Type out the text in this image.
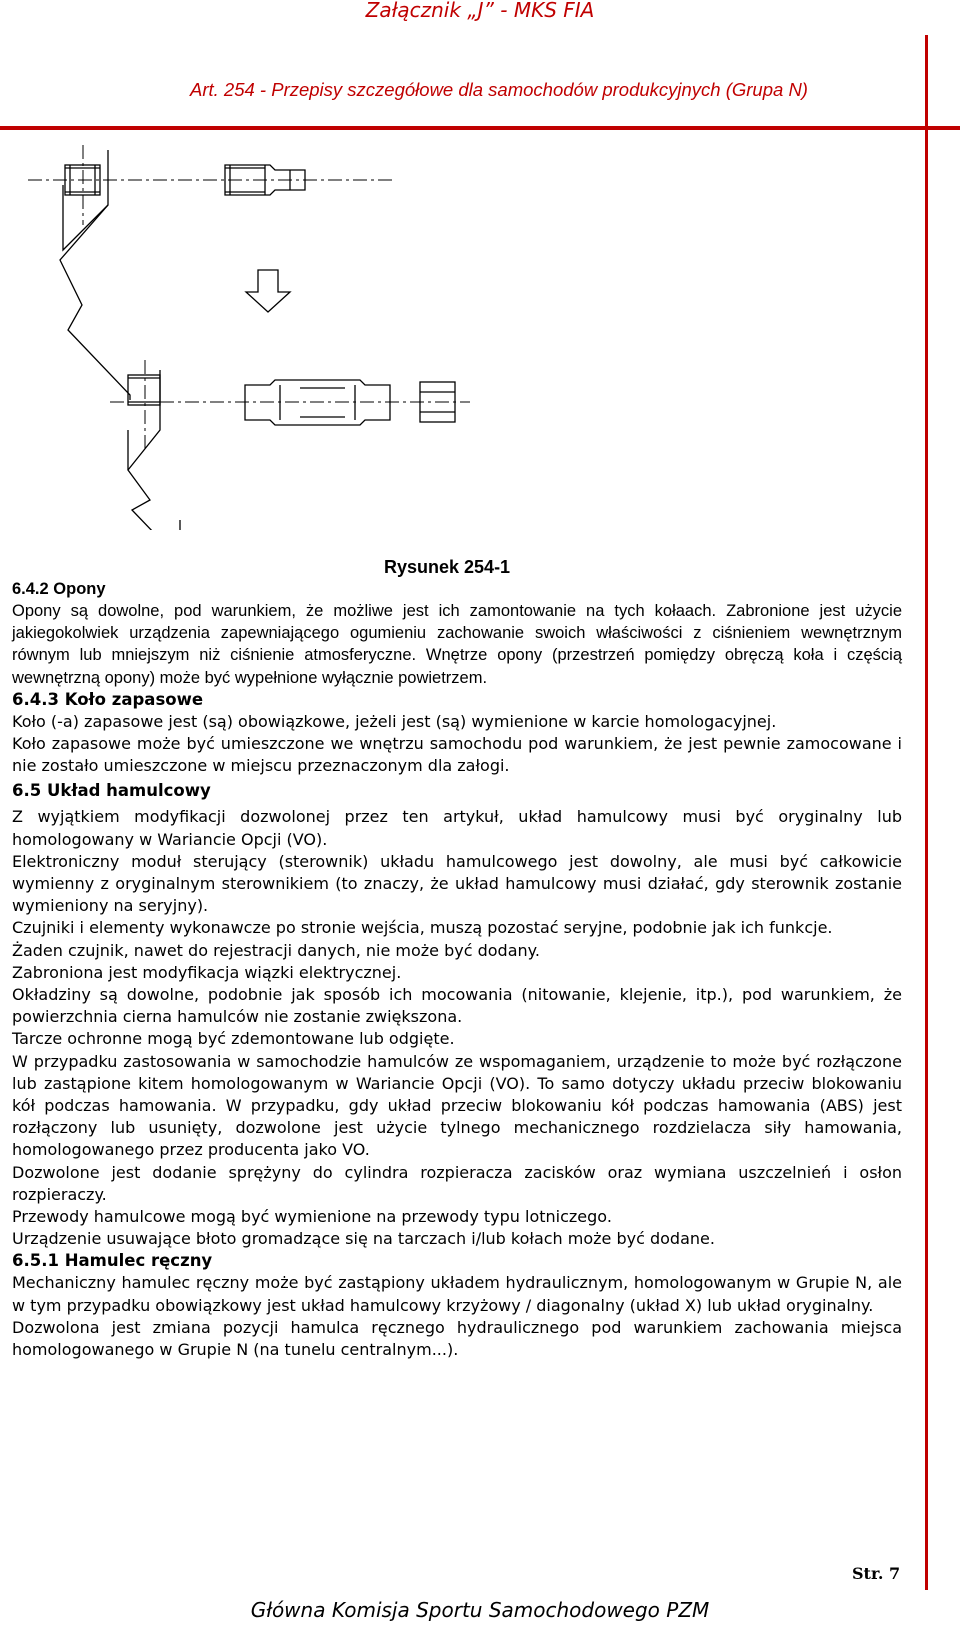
Załącznik „J” - MKS FIA
Art. 254 - Przepisy szczegółowe dla samochodów produkcyjnych (Grupa N)
Rysunek 254-1
6.4.2 Opony
Opony są dowolne, pod warunkiem, że możliwe jest ich zamontowanie na tych kołaach. Zabronione jest użycie jakiegokolwiek urządzenia zapewniającego ogumieniu zachowanie swoich właściwości z ciśnieniem wewnętrznym równym lub mniejszym niż ciśnienie atmosferyczne. Wnętrze opony (przestrzeń pomiędzy obręczą koła i częścią wewnętrzną opony) może być wypełnione wyłącznie powietrzem.
6.4.3 Koło zapasowe
Koło (-a) zapasowe jest (są) obowiązkowe, jeżeli jest (są) wymienione w karcie homologacyjnej.
Koło zapasowe może być umieszczone we wnętrzu samochodu pod warunkiem, że jest pewnie zamocowane i nie zostało umieszczone w miejscu przeznaczonym dla załogi.
6.5 Układ hamulcowy
Z wyjątkiem modyfikacji dozwolonej przez ten artykuł, układ hamulcowy musi być oryginalny lub homologowany w Wariancie Opcji (VO).
Elektroniczny moduł sterujący (sterownik) układu hamulcowego jest dowolny, ale musi być całkowicie wymienny z oryginalnym sterownikiem (to znaczy, że układ hamulcowy musi działać, gdy sterownik zostanie wymieniony na seryjny).
Czujniki i elementy wykonawcze po stronie wejścia, muszą pozostać seryjne, podobnie jak ich funkcje.
Żaden czujnik, nawet do rejestracji danych, nie może być dodany.
Zabroniona jest modyfikacja wiązki elektrycznej.
Okładziny są dowolne, podobnie jak sposób ich mocowania (nitowanie, klejenie, itp.), pod warunkiem, że powierzchnia cierna hamulców nie zostanie zwiększona.
Tarcze ochronne mogą być zdemontowane lub odgięte.
W przypadku zastosowania w samochodzie hamulców ze wspomaganiem, urządzenie to może być rozłączone lub zastąpione kitem homologowanym w Wariancie Opcji (VO). To samo dotyczy układu przeciw blokowaniu kół podczas hamowania. W przypadku, gdy układ przeciw blokowaniu kół podczas hamowania (ABS) jest rozłączony lub usunięty, dozwolone jest użycie tylnego mechanicznego rozdzielacza siły hamowania, homologowanego przez producenta jako VO.
Dozwolone jest dodanie sprężyny do cylindra rozpieracza zacisków oraz wymiana uszczelnień i osłon rozpieraczy.
Przewody hamulcowe mogą być wymienione na przewody typu lotniczego.
Urządzenie usuwające błoto gromadzące się na tarczach i/lub kołach może być dodane.
6.5.1 Hamulec ręczny
Mechaniczny hamulec ręczny może być zastąpiony układem hydraulicznym, homologowanym w Grupie N, ale w tym przypadku obowiązkowy jest układ hamulcowy krzyżowy / diagonalny (układ X) lub układ oryginalny.
Dozwolona jest zmiana pozycji hamulca ręcznego hydraulicznego pod warunkiem zachowania miejsca homologowanego w Grupie N (na tunelu centralnym...).
Str. 7
Główna Komisja Sportu Samochodowego PZM
